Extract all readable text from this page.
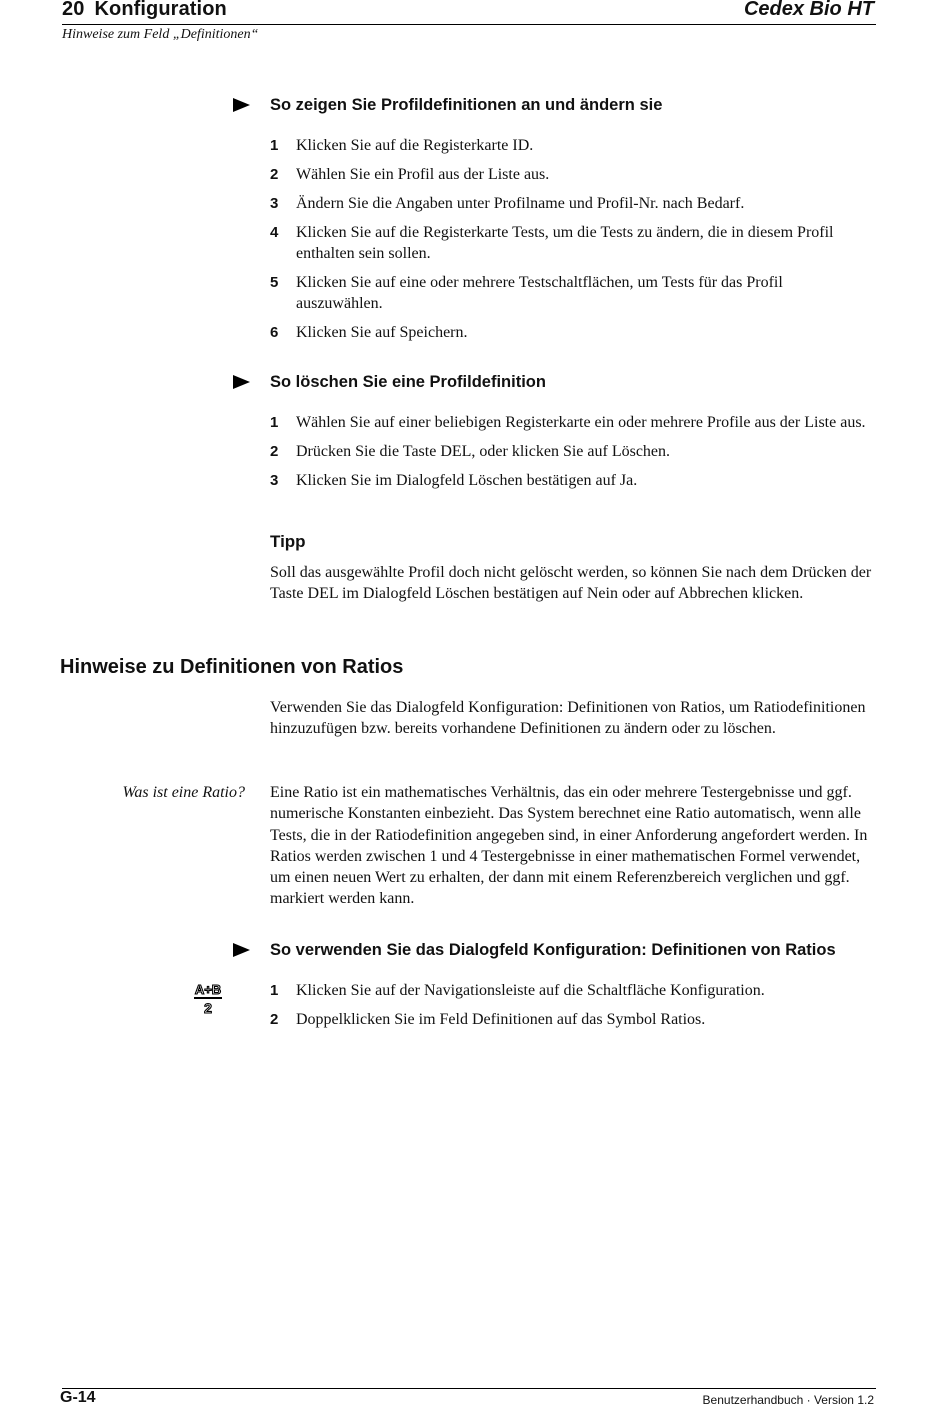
20 Konfiguration	Cedex Bio HT
Hinweise zum Feld „Definitionen“
So zeigen Sie Profildefinitionen an und ändern sie
1 Klicken Sie auf die Registerkarte ID.
2 Wählen Sie ein Profil aus der Liste aus.
3 Ändern Sie die Angaben unter Profilname und Profil-Nr. nach Bedarf.
4 Klicken Sie auf die Registerkarte Tests, um die Tests zu ändern, die in diesem Profil enthalten sein sollen.
5 Klicken Sie auf eine oder mehrere Testschaltflächen, um Tests für das Profil auszuwählen.
6 Klicken Sie auf Speichern.
So löschen Sie eine Profildefinition
1 Wählen Sie auf einer beliebigen Registerkarte ein oder mehrere Profile aus der Liste aus.
2 Drücken Sie die Taste DEL, oder klicken Sie auf Löschen.
3 Klicken Sie im Dialogfeld Löschen bestätigen auf Ja.
Tipp

Soll das ausgewählte Profil doch nicht gelöscht werden, so können Sie nach dem Drücken der Taste DEL im Dialogfeld Löschen bestätigen auf Nein oder auf Abbrechen klicken.

Hinweise zu Definitionen von Ratios

Verwenden Sie das Dialogfeld Konfiguration: Definitionen von Ratios, um Ratiodefinitionen hinzuzufügen bzw. bereits vorhandene Definitionen zu ändern oder zu löschen.

Was ist eine Ratio? Eine Ratio ist ein mathematisches Verhältnis, das ein oder mehrere Testergebnisse und ggf. numerische Konstanten einbezieht. Das System berechnet eine Ratio automatisch, wenn alle Tests, die in der Ratiodefinition angegeben sind, in einer Anforderung angefordert werden. In Ratios werden zwischen 1 und 4 Testergebnisse in einer mathematischen Formel verwendet, um einen neuen Wert zu erhalten, der dann mit einem Referenzbereich verglichen und ggf. markiert werden kann.

So verwenden Sie das Dialogfeld Konfiguration: Definitionen von Ratios
A+B
2
1 Klicken Sie auf der Navigationsleiste auf die Schaltfläche Konfiguration.
2 Doppelklicken Sie im Feld Definitionen auf das Symbol Ratios.
G-14	Benutzerhandbuch · Version 1.2
